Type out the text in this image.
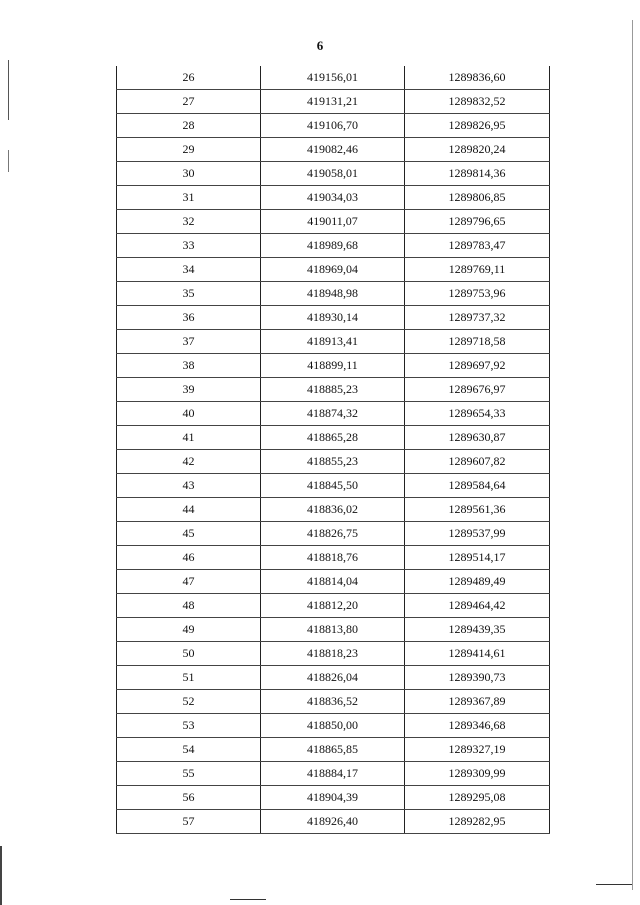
6
26	419156,01	1289836,60
27	419131,21	1289832,52
28	419106,70	1289826,95
29	419082,46	1289820,24
30	419058,01	1289814,36
31	419034,03	1289806,85
32	419011,07	1289796,65
33	418989,68	1289783,47
34	418969,04	1289769,11
35	418948,98	1289753,96
36	418930,14	1289737,32
37	418913,41	1289718,58
38	418899,11	1289697,92
39	418885,23	1289676,97
40	418874,32	1289654,33
41	418865,28	1289630,87
42	418855,23	1289607,82
43	418845,50	1289584,64
44	418836,02	1289561,36
45	418826,75	1289537,99
46	418818,76	1289514,17
47	418814,04	1289489,49
48	418812,20	1289464,42
49	418813,80	1289439,35
50	418818,23	1289414,61
51	418826,04	1289390,73
52	418836,52	1289367,89
53	418850,00	1289346,68
54	418865,85	1289327,19
55	418884,17	1289309,99
56	418904,39	1289295,08
57	418926,40	1289282,95
